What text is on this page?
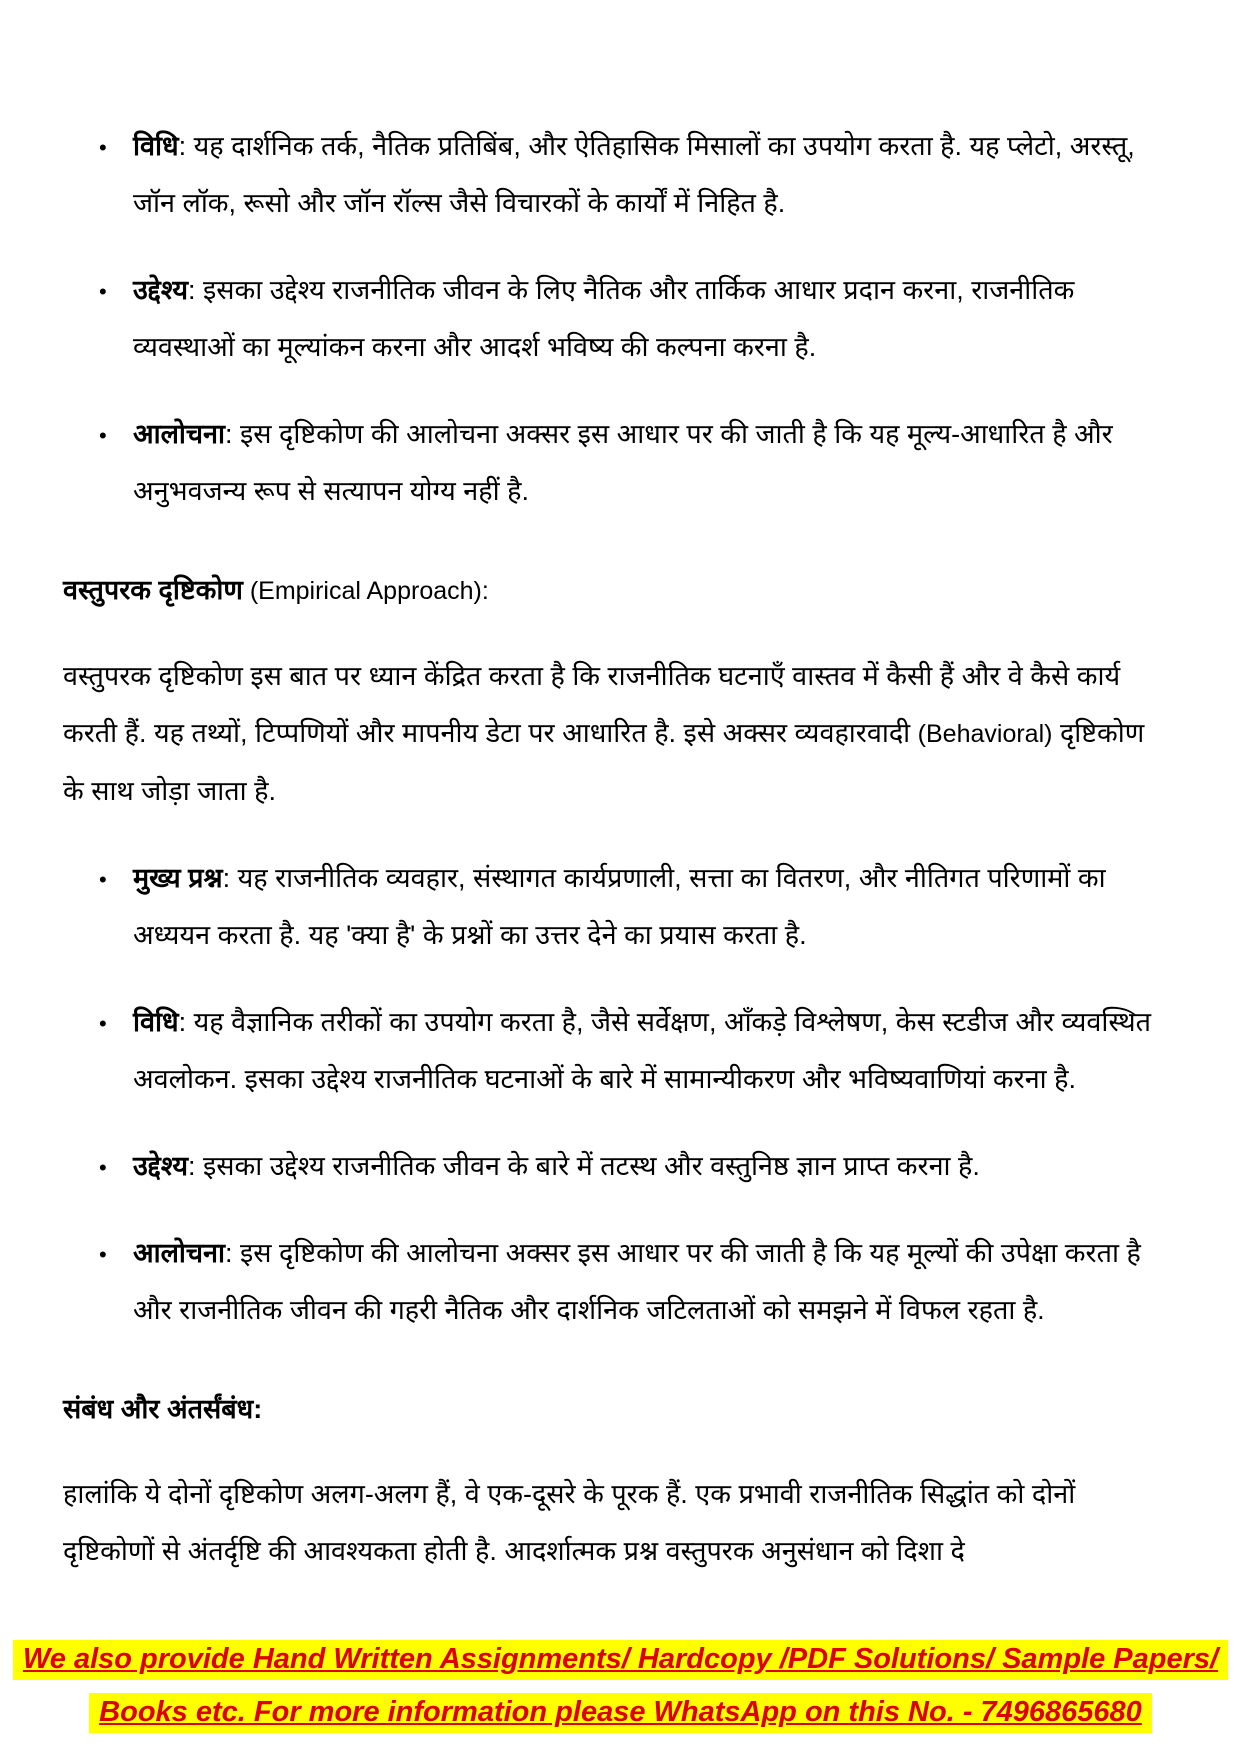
• विधि: यह दार्शनिक तर्क, नैतिक प्रतिबिंब, और ऐतिहासिक मिसालों का उपयोग करता है. यह प्लेटो, अरस्तू, जॉन लॉक, रूसो और जॉन रॉल्स जैसे विचारकों के कार्यों में निहित है.
• उद्देश्य: इसका उद्देश्य राजनीतिक जीवन के लिए नैतिक और तार्किक आधार प्रदान करना, राजनीतिक व्यवस्थाओं का मूल्यांकन करना और आदर्श भविष्य की कल्पना करना है.
• आलोचना: इस दृष्टिकोण की आलोचना अक्सर इस आधार पर की जाती है कि यह मूल्य-आधारित है और अनुभवजन्य रूप से सत्यापन योग्य नहीं है.
वस्तुपरक दृष्टिकोण (Empirical Approach):

वस्तुपरक दृष्टिकोण इस बात पर ध्यान केंद्रित करता है कि राजनीतिक घटनाएँ वास्तव में कैसी हैं और वे कैसे कार्य करती हैं. यह तथ्यों, टिप्पणियों और मापनीय डेटा पर आधारित है. इसे अक्सर व्यवहारवादी (Behavioral) दृष्टिकोण के साथ जोड़ा जाता है.

• मुख्य प्रश्न: यह राजनीतिक व्यवहार, संस्थागत कार्यप्रणाली, सत्ता का वितरण, और नीतिगत परिणामों का अध्ययन करता है. यह 'क्या है' के प्रश्नों का उत्तर देने का प्रयास करता है.
• विधि: यह वैज्ञानिक तरीकों का उपयोग करता है, जैसे सर्वेक्षण, आँकड़े विश्लेषण, केस स्टडीज और व्यवस्थित अवलोकन. इसका उद्देश्य राजनीतिक घटनाओं के बारे में सामान्यीकरण और भविष्यवाणियां करना है.
• उद्देश्य: इसका उद्देश्य राजनीतिक जीवन के बारे में तटस्थ और वस्तुनिष्ठ ज्ञान प्राप्त करना है.
• आलोचना: इस दृष्टिकोण की आलोचना अक्सर इस आधार पर की जाती है कि यह मूल्यों की उपेक्षा करता है और राजनीतिक जीवन की गहरी नैतिक और दार्शनिक जटिलताओं को समझने में विफल रहता है.
संबंध और अंतर्संबंध:

हालांकि ये दोनों दृष्टिकोण अलग-अलग हैं, वे एक-दूसरे के पूरक हैं. एक प्रभावी राजनीतिक सिद्धांत को दोनों दृष्टिकोणों से अंतर्दृष्टि की आवश्यकता होती है. आदर्शात्मक प्रश्न वस्तुपरक अनुसंधान को दिशा दे

We also provide Hand Written Assignments/ Hardcopy /PDF Solutions/ Sample Papers/

Books etc. For more information please WhatsApp on this No. - 7496865680
